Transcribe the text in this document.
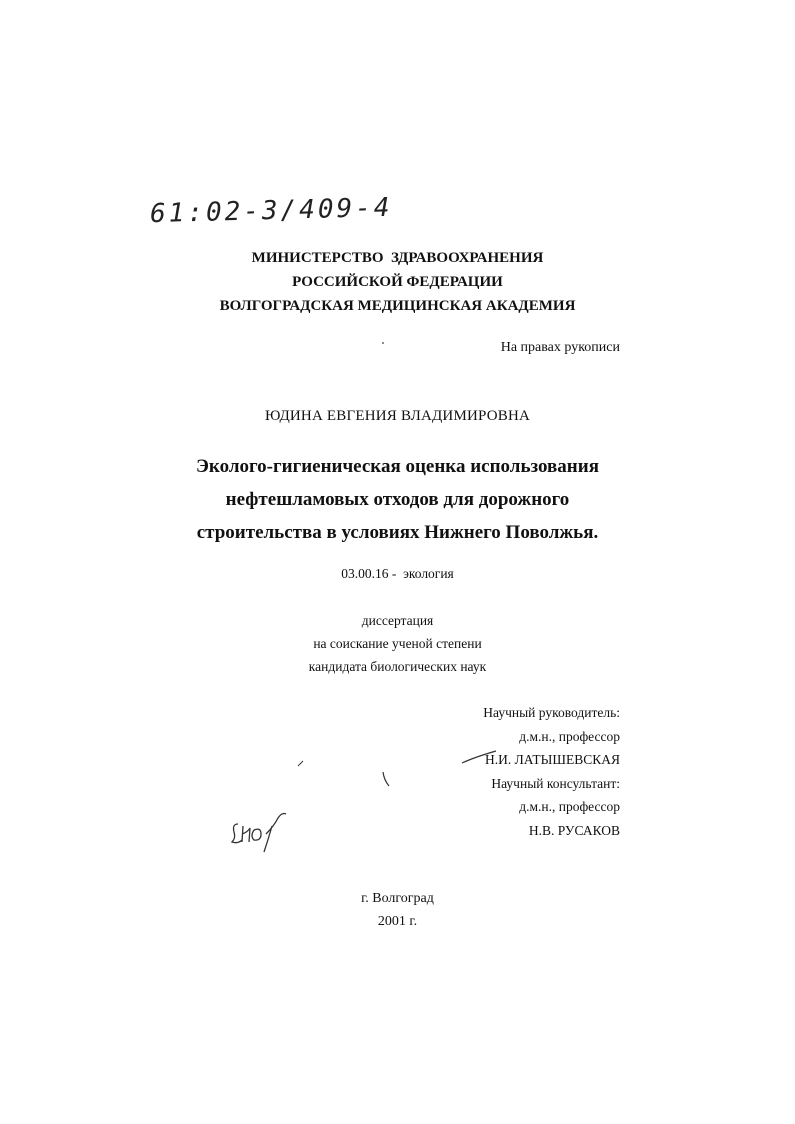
61:02-3/409-4
МИНИСТЕРСТВО  ЗДРАВООХРАНЕНИЯ
РОССИЙСКОЙ ФЕДЕРАЦИИ
ВОЛГОГРАДСКАЯ МЕДИЦИНСКАЯ АКАДЕМИЯ
На правах рукописи
ЮДИНА ЕВГЕНИЯ ВЛАДИМИРОВНА
Эколого-гигиеническая оценка использования
нефтешламовых отходов для дорожного
строительства в условиях Нижнего Поволжья.
03.00.16 -  экология
диссертация
на соискание ученой степени
кандидата биологических наук
Научный руководитель:
д.м.н., профессор
Н.И. ЛАТЫШЕВСКАЯ
Научный консультант:
д.м.н., профессор
Н.В. РУСАКОВ
г. Волгоград
2001 г.
